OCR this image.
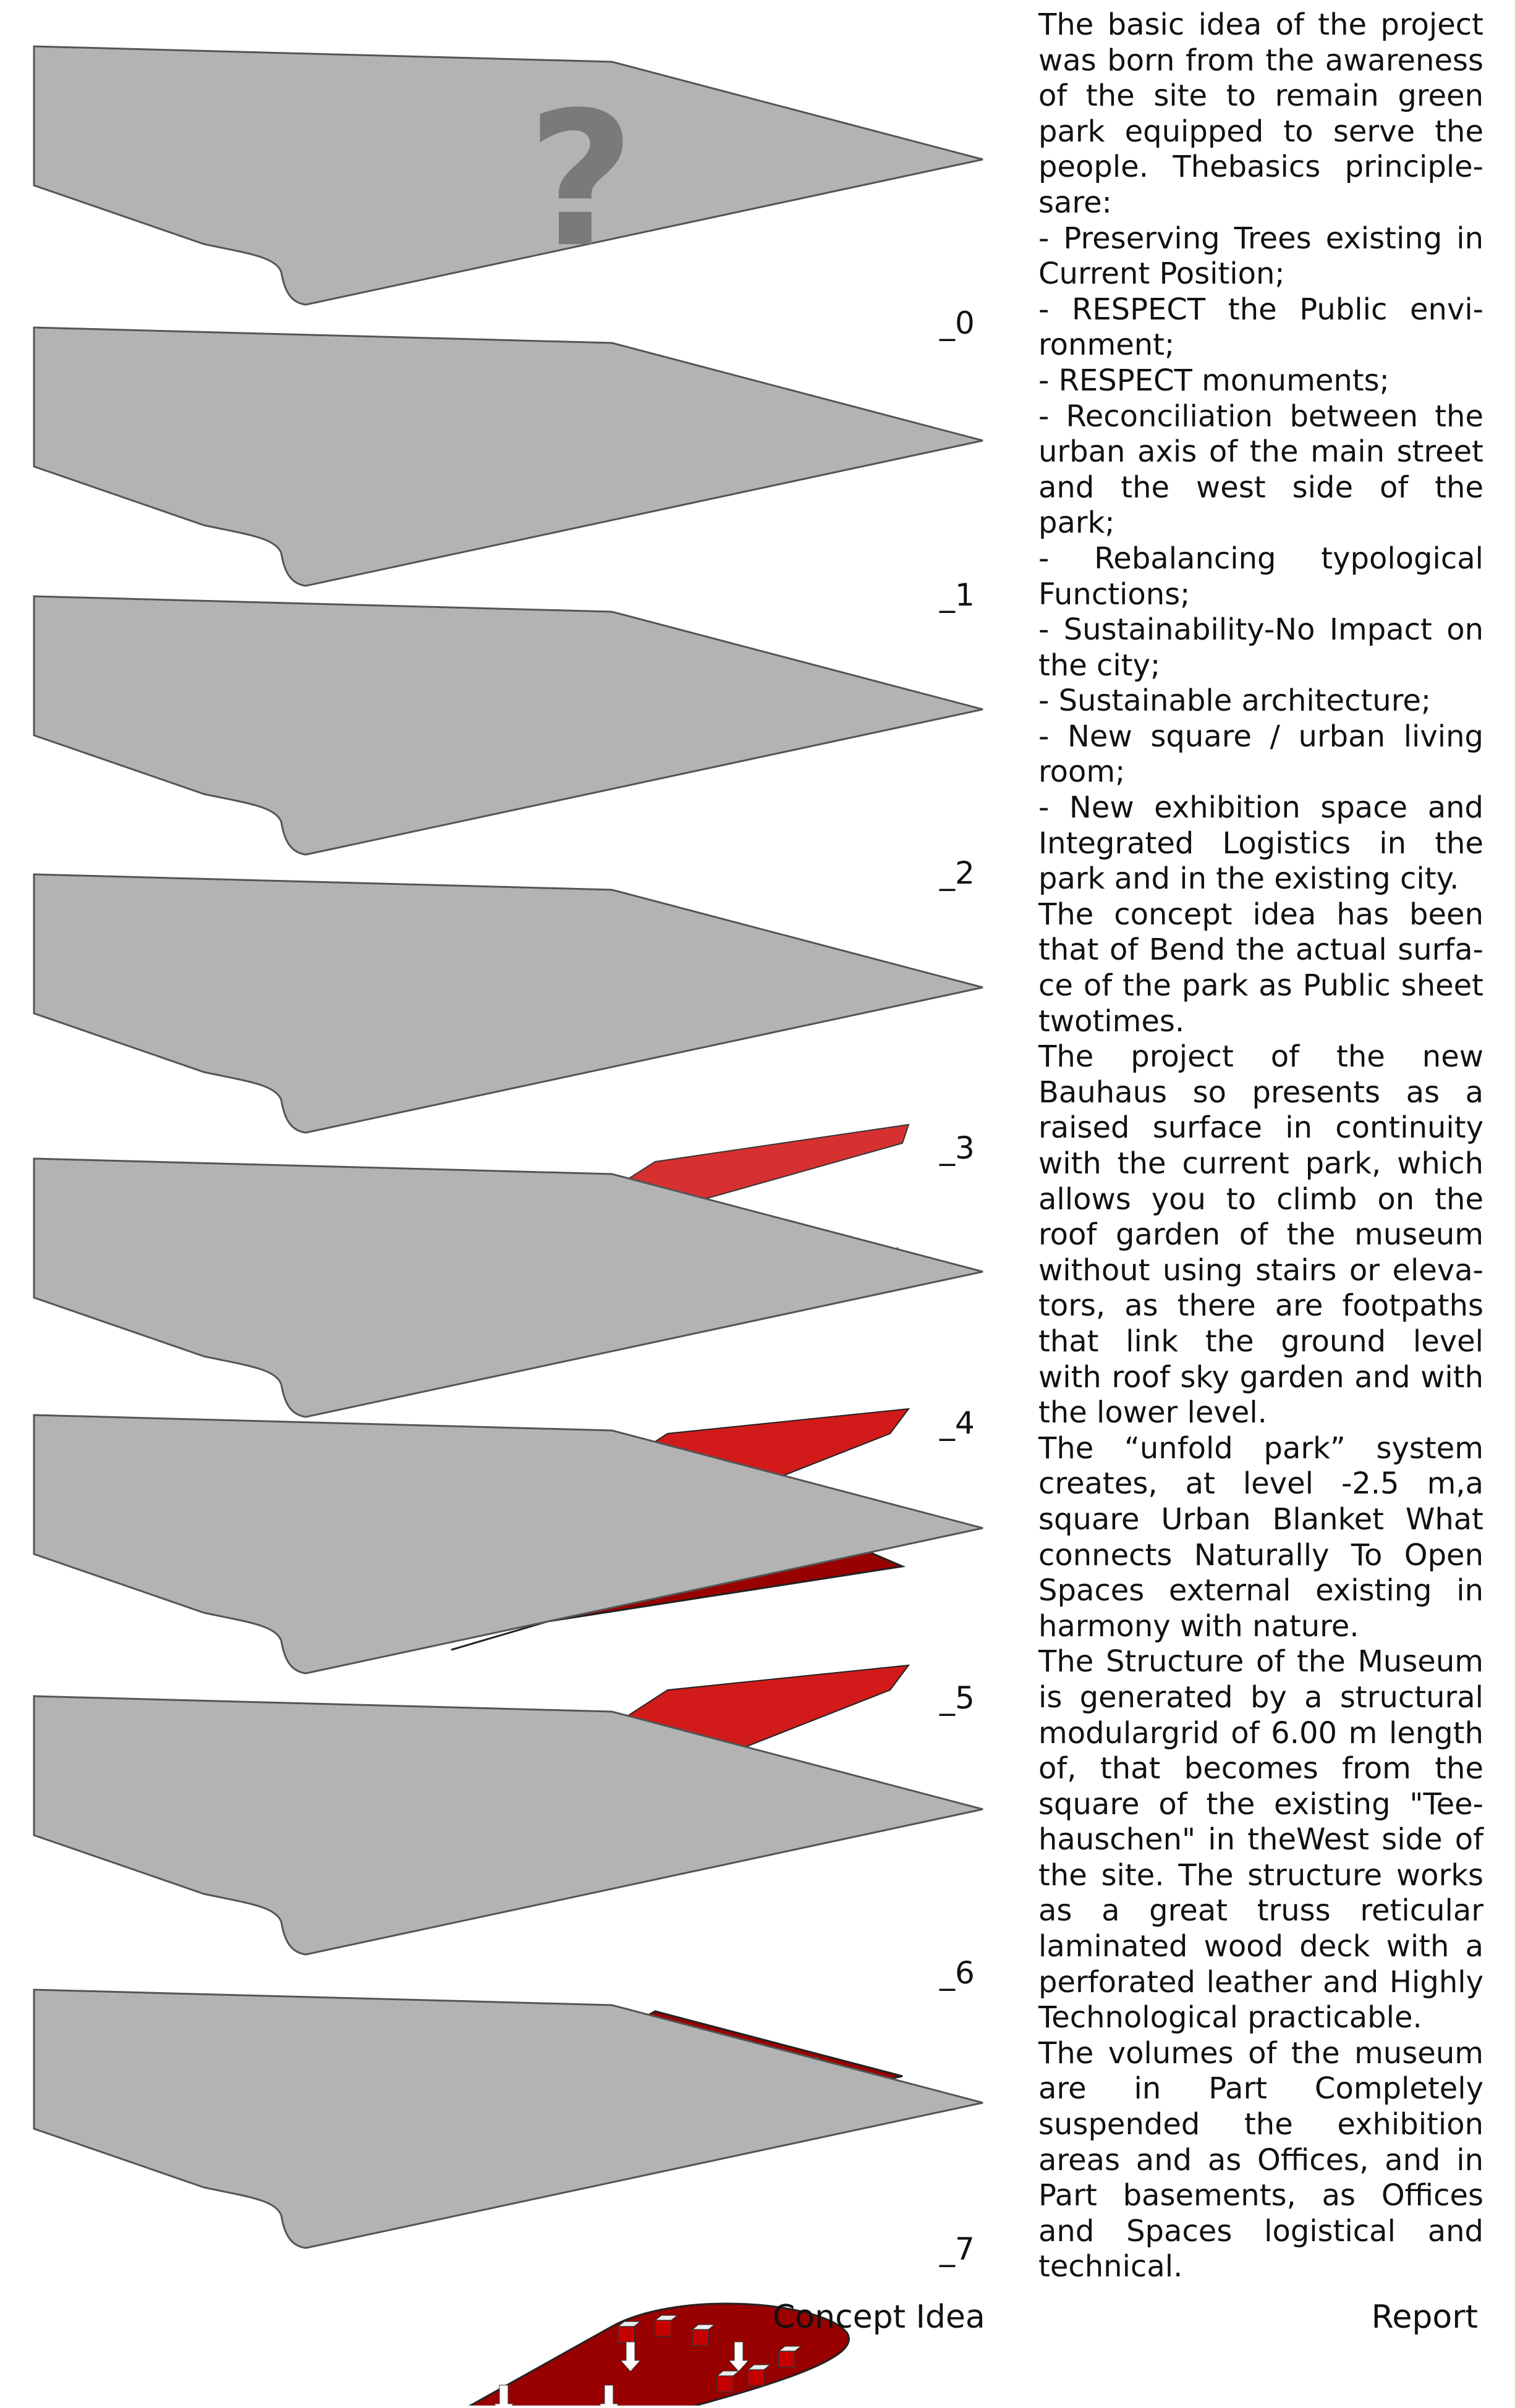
?
_0
_1
_2
_3
_4
_5
_6
_7

The basic idea of the project was born from the awareness of the site to remain green park equipped to serve the people. Thebasics principle-sare:

- Preserving Trees existing in Current Position;

- RESPECT the Public envi-ronment;

- RESPECT monuments;

- Reconciliation between the urban axis of the main street and the west side of the park;

- Rebalancing typological Functions;

- Sustainability-No Impact on the city;

- Sustainable architecture;

- New square / urban living room;

- New exhibition space and Integrated Logistics in the park and in the existing city.

The concept idea has been that of Bend the actual surfa-ce of the park as Public sheet twotimes.

The project of the new Bauhaus so presents as a raised surface in continuity with the current park, which allows you to climb on the roof garden of the museum without using stairs or eleva-tors, as there are footpaths that link the ground level with roof sky garden and with the lower level.

The “unfold park” system creates, at level -2.5 m,a square Urban Blanket What connects Naturally To Open Spaces external existing in harmony with nature.

The Structure of the Museum is generated by a structural modulargrid of 6.00 m length of, that becomes from the square of the existing "Tee-hauschen" in theWest side of the site. The structure works as a great truss reticular laminated wood deck with a perforated leather and Highly Technological practicable.

The volumes of the museum are in Part Completely suspended the exhibition areas and as Offices, and in Part basements, as Offices and Spaces logistical and technical.

Concept Idea	Report
